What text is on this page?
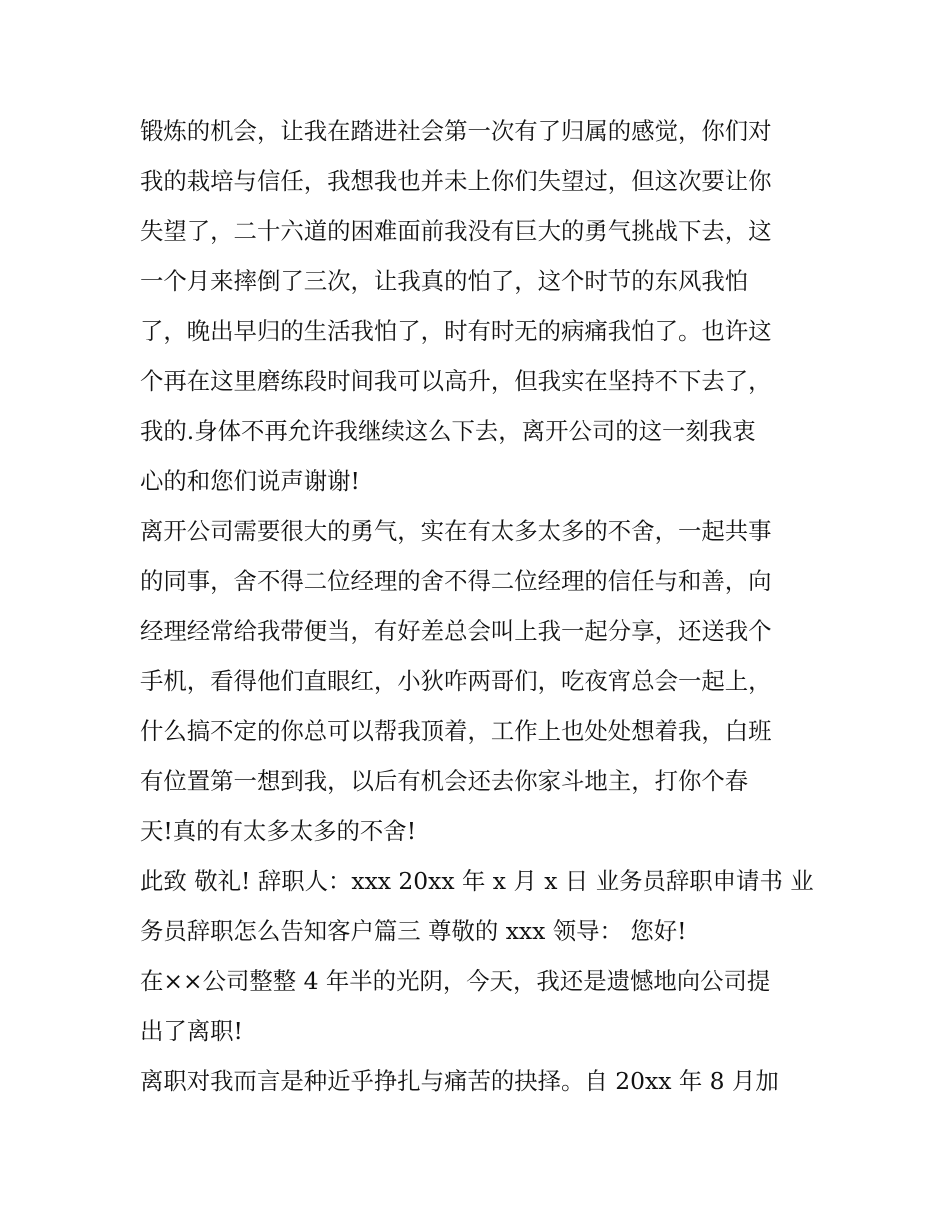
锻炼的机会，让我在踏进社会第一次有了归属的感觉，你们对
我的栽培与信任，我想我也并未上你们失望过，但这次要让你
失望了，二十六道的困难面前我没有巨大的勇气挑战下去，这
一个月来摔倒了三次，让我真的怕了，这个时节的东风我怕
了，晚出早归的生活我怕了，时有时无的病痛我怕了。也许这
个再在这里磨练段时间我可以高升，但我实在坚持不下去了，
我的.身体不再允许我继续这么下去，离开公司的这一刻我衷
心的和您们说声谢谢!
离开公司需要很大的勇气，实在有太多太多的不舍，一起共事
的同事，舍不得二位经理的舍不得二位经理的信任与和善，向
经理经常给我带便当，有好差总会叫上我一起分享，还送我个
手机，看得他们直眼红，小狄咋两哥们，吃夜宵总会一起上，
什么搞不定的你总可以帮我顶着，工作上也处处想着我，白班
有位置第一想到我，以后有机会还去你家斗地主，打你个春
天!真的有太多太多的不舍!
此致 敬礼! 辞职人：xxx 20xx 年 x 月 x 日 业务员辞职申请书 业
务员辞职怎么告知客户篇三 尊敬的 xxx 领导： 您好!
在××公司整整 4 年半的光阴，今天，我还是遗憾地向公司提
出了离职!
离职对我而言是种近乎挣扎与痛苦的抉择。自 20xx 年 8 月加
